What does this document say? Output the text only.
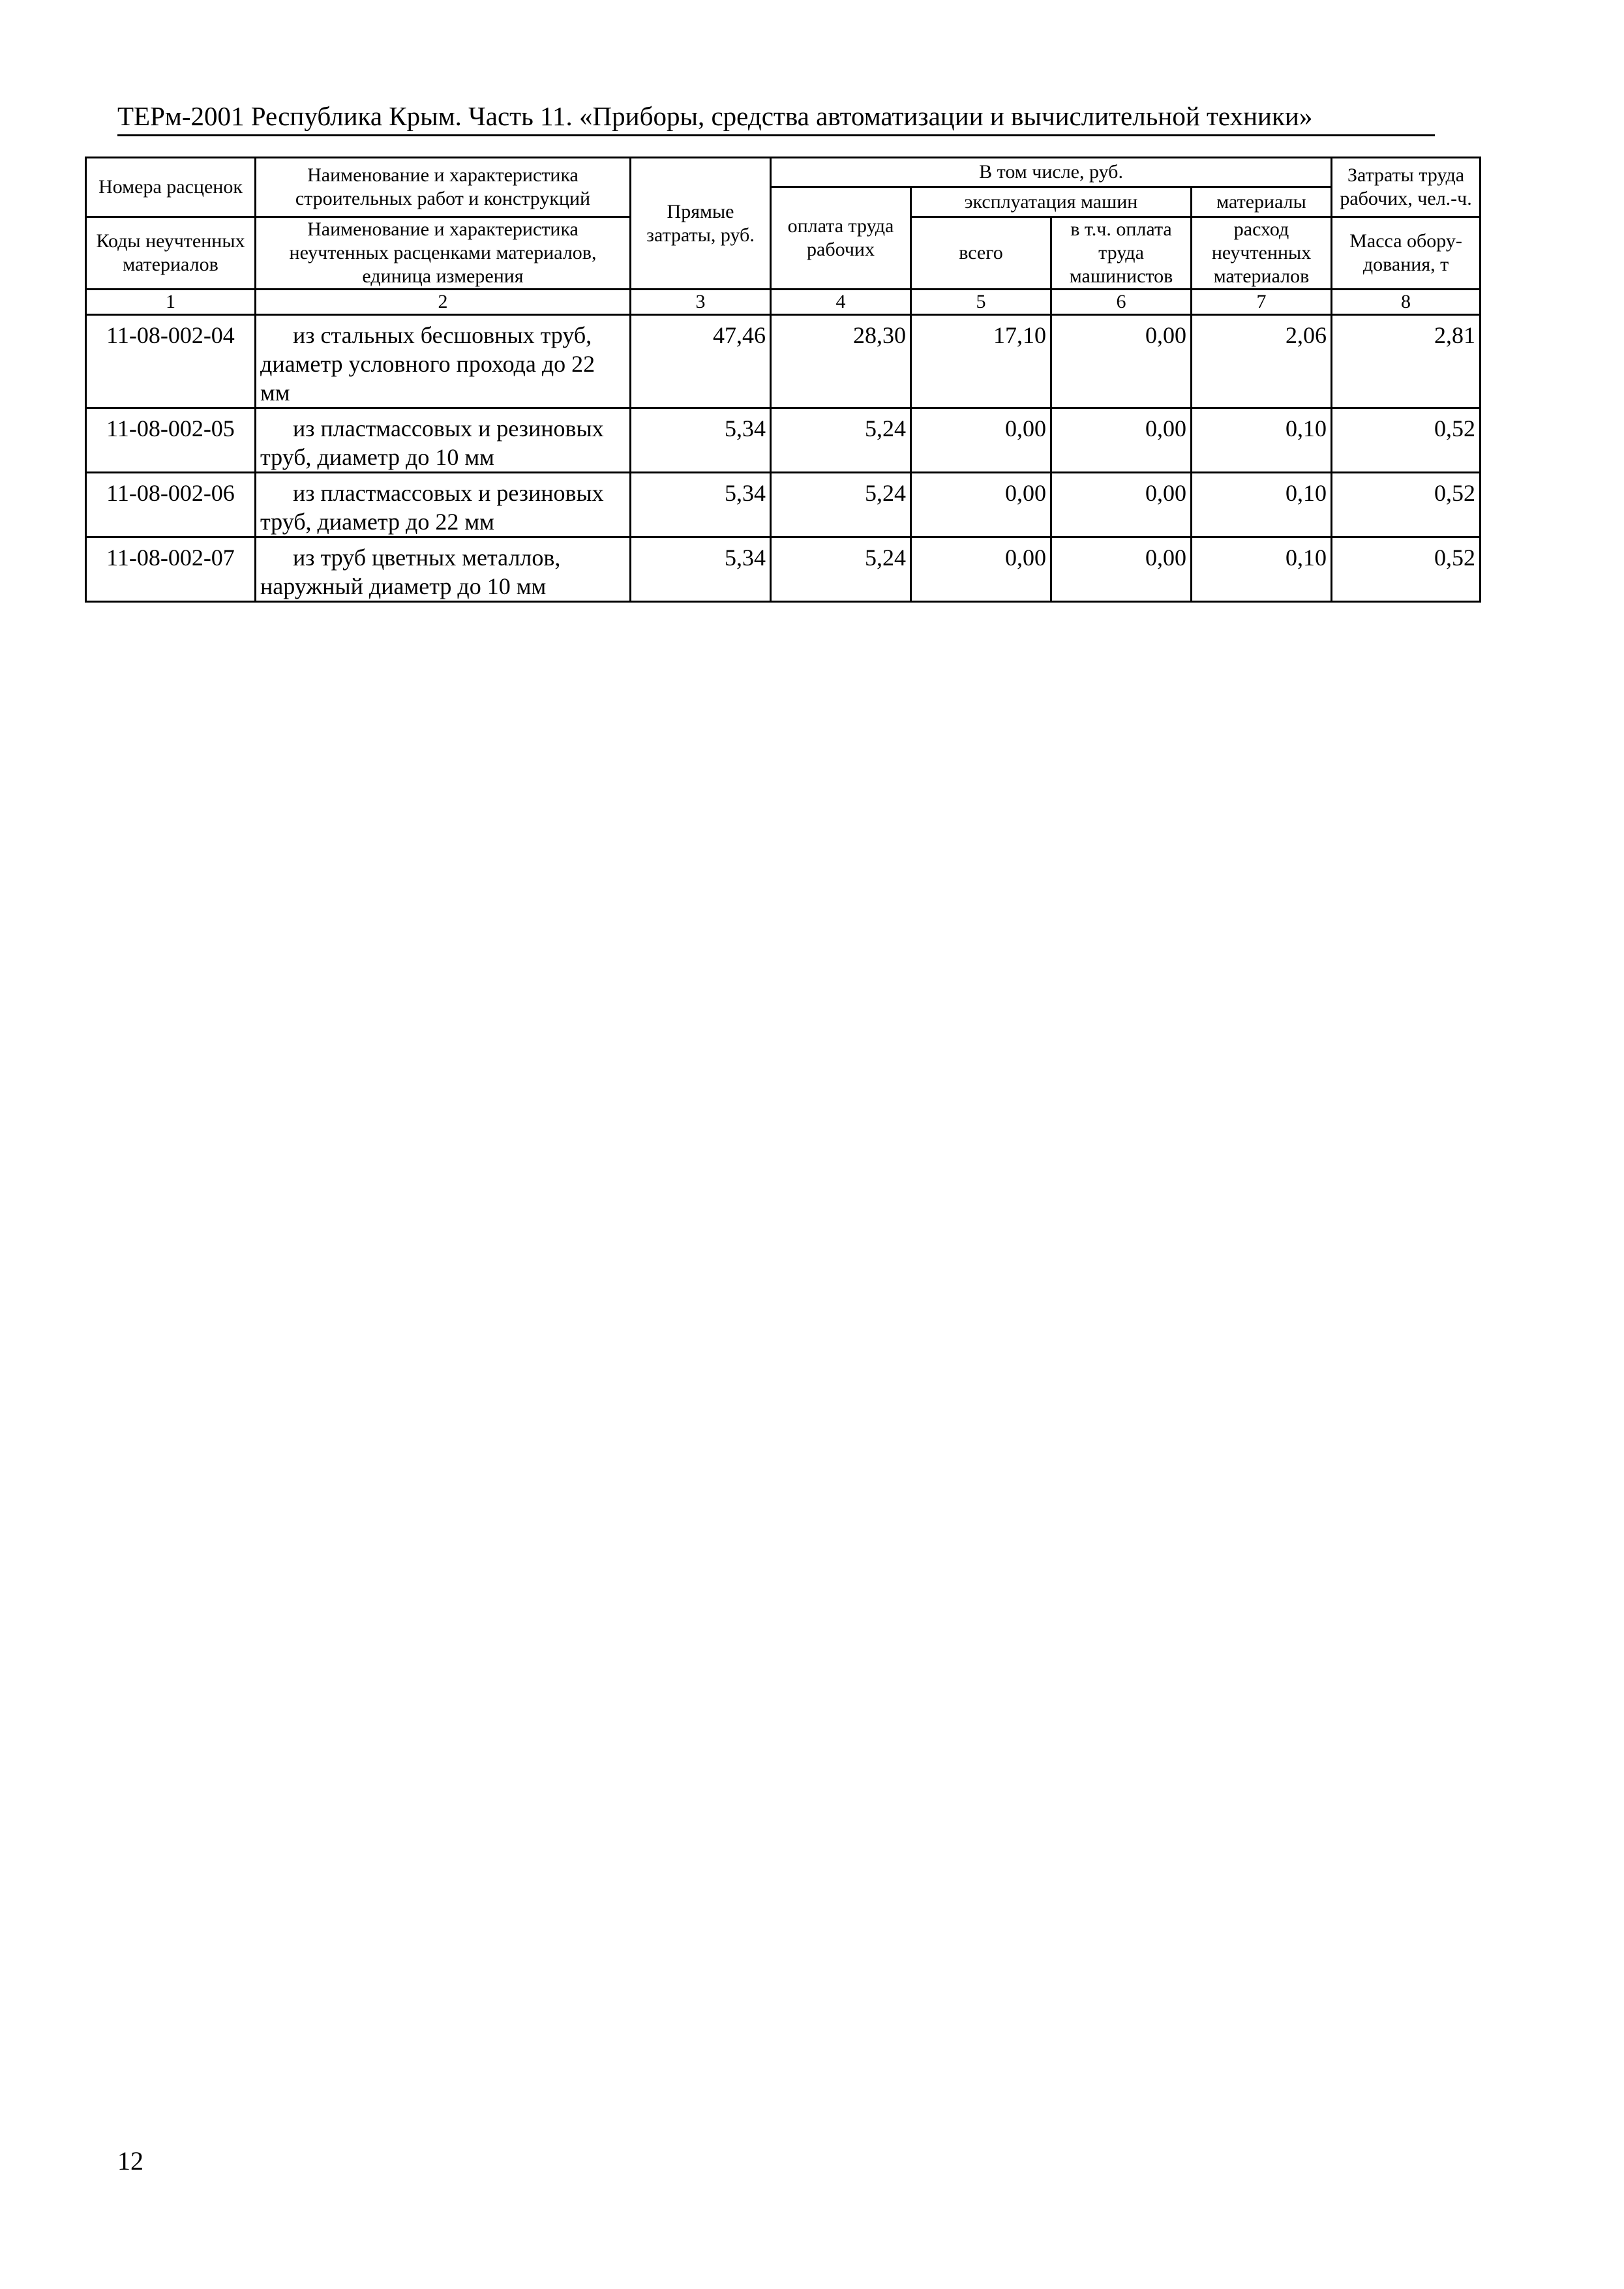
ТЕРм-2001 Республика Крым. Часть 11. «Приборы, средства автоматизации и вычислительной техники»
Номера расценок	Наименование и характеристика строительных работ и конструкций	Прямые затраты, руб.	В том числе, руб.				Затраты труда рабочих, чел.-ч.
			оплата труда рабочих	эксплуатация машин		материалы	
Коды неучтенных материалов	Наименование и характеристика неучтенных расценками материалов, единица измерения			всего	в т.ч. оплата труда машинистов	расход неучтенных материалов	
							Масса обору-дования, т
1	2	3	4	5	6	7	8
11-08-002-04	из стальных бесшовных труб, диаметр условного прохода до 22 мм	47,46	28,30	17,10	0,00	2,06	2,81
11-08-002-05	из пластмассовых и резиновых труб, диаметр до 10 мм	5,34	5,24	0,00	0,00	0,10	0,52
11-08-002-06	из пластмассовых и резиновых труб, диаметр до 22 мм	5,34	5,24	0,00	0,00	0,10	0,52
11-08-002-07	из труб цветных металлов, наружный диаметр до 10 мм	5,34	5,24	0,00	0,00	0,10	0,52
12
